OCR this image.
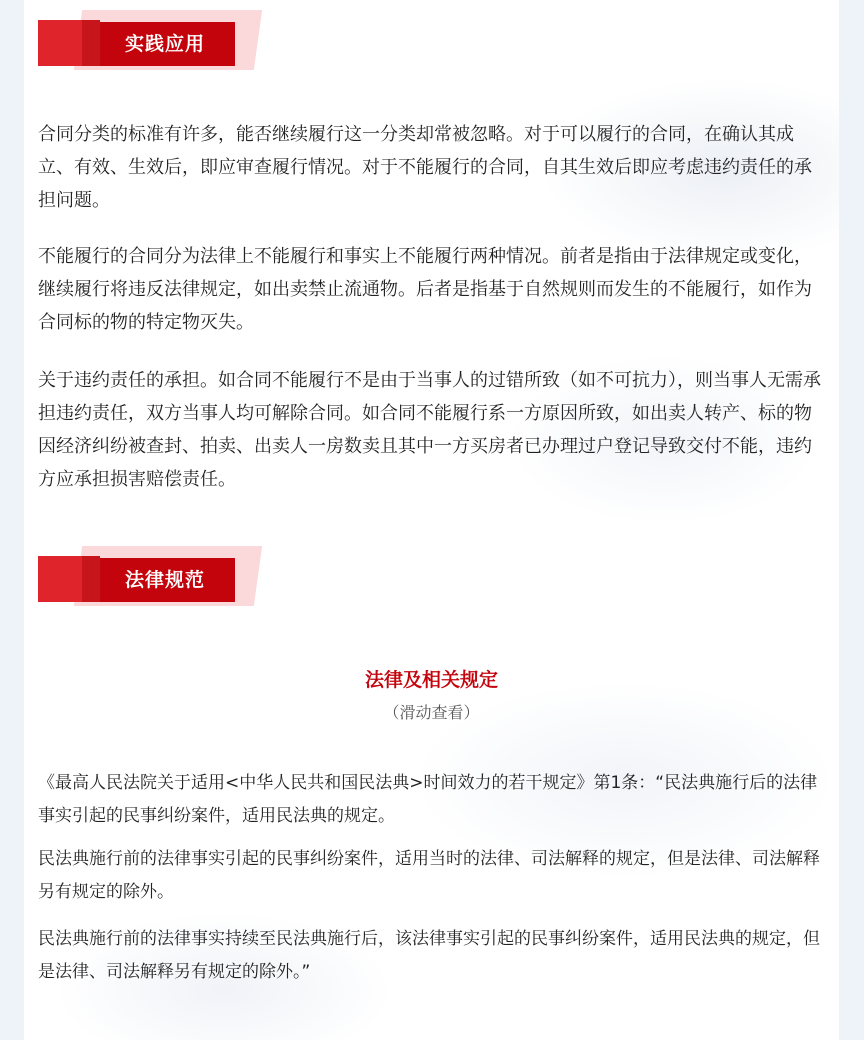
实践应用

合同分类的标准有许多，能否继续履行这一分类却常被忽略。对于可以履行的合同，在确认其成立、有效、生效后，即应审查履行情况。对于不能履行的合同，自其生效后即应考虑违约责任的承担问题。

不能履行的合同分为法律上不能履行和事实上不能履行两种情况。前者是指由于法律规定或变化，继续履行将违反法律规定，如出卖禁止流通物。后者是指基于自然规则而发生的不能履行，如作为合同标的物的特定物灭失。

关于违约责任的承担。如合同不能履行不是由于当事人的过错所致（如不可抗力），则当事人无需承担违约责任，双方当事人均可解除合同。如合同不能履行系一方原因所致，如出卖人转产、标的物因经济纠纷被查封、拍卖、出卖人一房数卖且其中一方买房者已办理过户登记导致交付不能，违约方应承担损害赔偿责任。

法律规范
法律及相关规定
（滑动查看）

《最高人民法院关于适用<中华人民共和国民法典>时间效力的若干规定》第1条：“民法典施行后的法律事实引起的民事纠纷案件，适用民法典的规定。

民法典施行前的法律事实引起的民事纠纷案件，适用当时的法律、司法解释的规定，但是法律、司法解释另有规定的除外。

民法典施行前的法律事实持续至民法典施行后，该法律事实引起的民事纠纷案件，适用民法典的规定，但是法律、司法解释另有规定的除外。”
